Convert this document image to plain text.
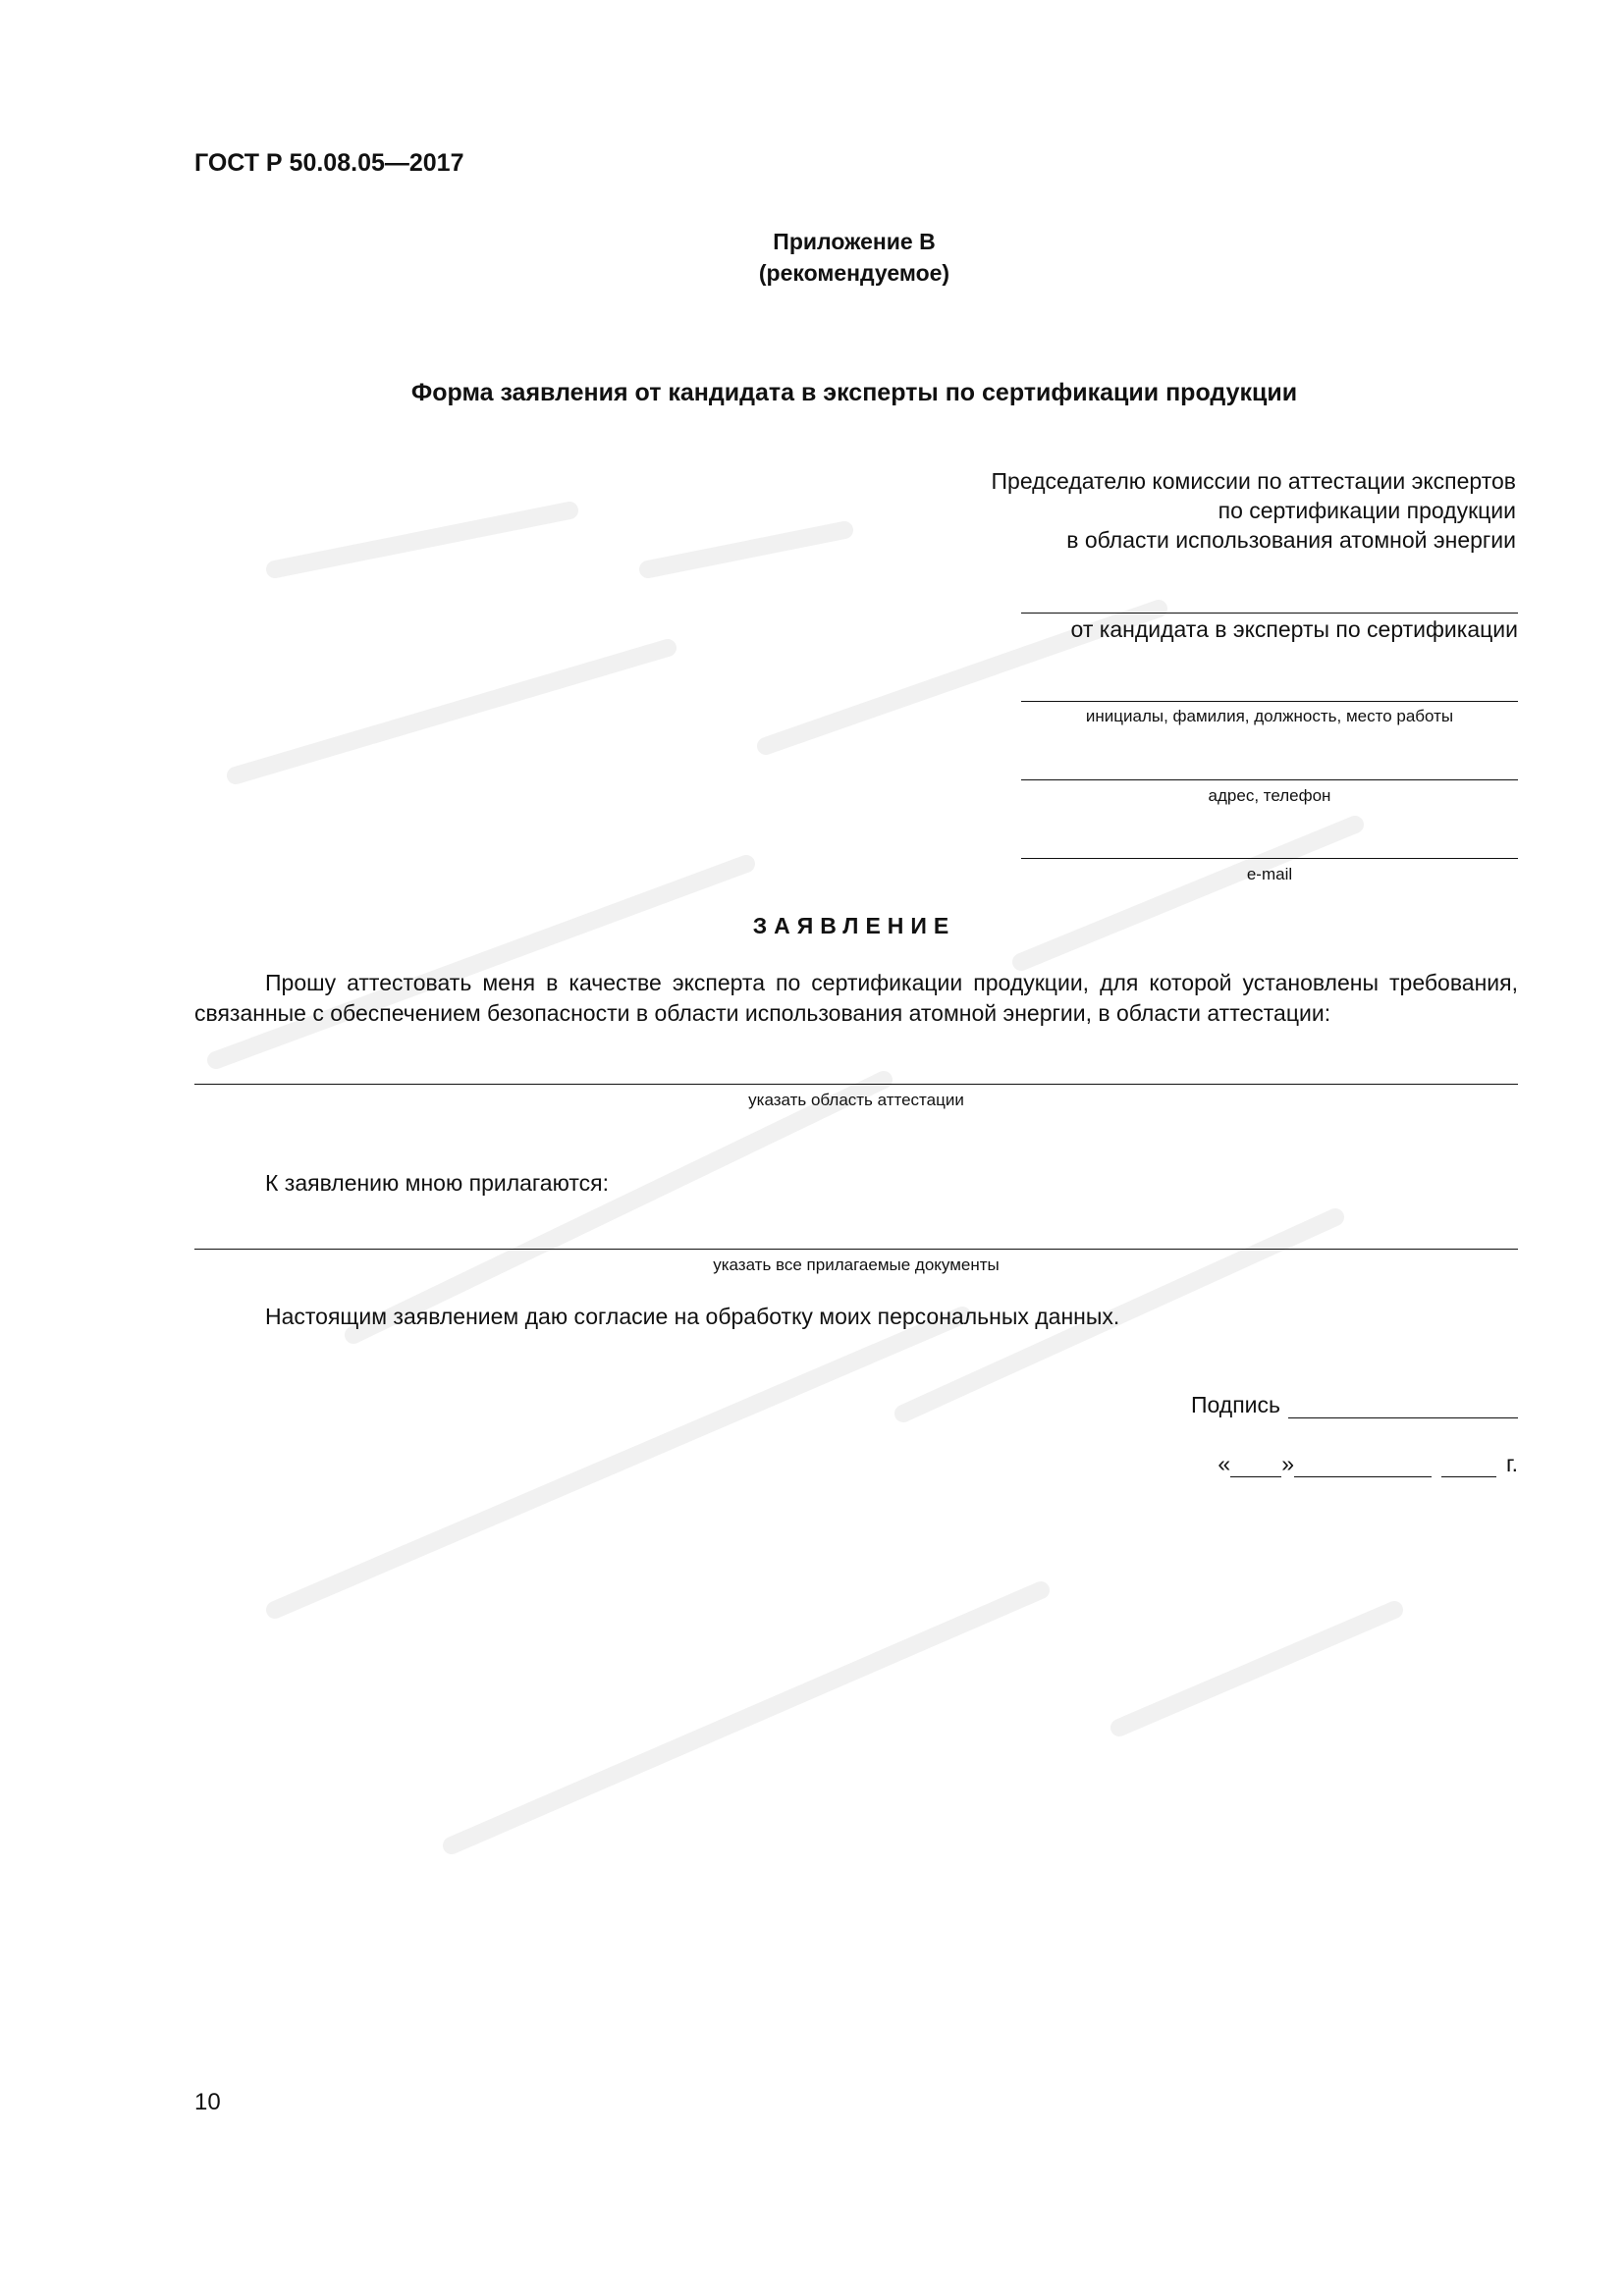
ГОСТ Р 50.08.05—2017
Приложение В
(рекомендуемое)
Форма заявления от кандидата в эксперты по сертификации продукции
Председателю комиссии по аттестации экспертов
по сертификации продукции
в области использования атомной энергии
от кандидата в эксперты по сертификации
инициалы, фамилия, должность, место работы
адрес, телефон
e-mail
ЗАЯВЛЕНИЕ
Прошу аттестовать меня в качестве эксперта по сертификации продукции, для которой установлены требования, связанные с обеспечением безопасности в области использования атомной энергии, в области аттестации:
указать область аттестации
К заявлению мною прилагаются:
указать все прилагаемые документы
Настоящим заявлением даю согласие на обработку моих персональных данных.
Подпись
« »	г.
10
